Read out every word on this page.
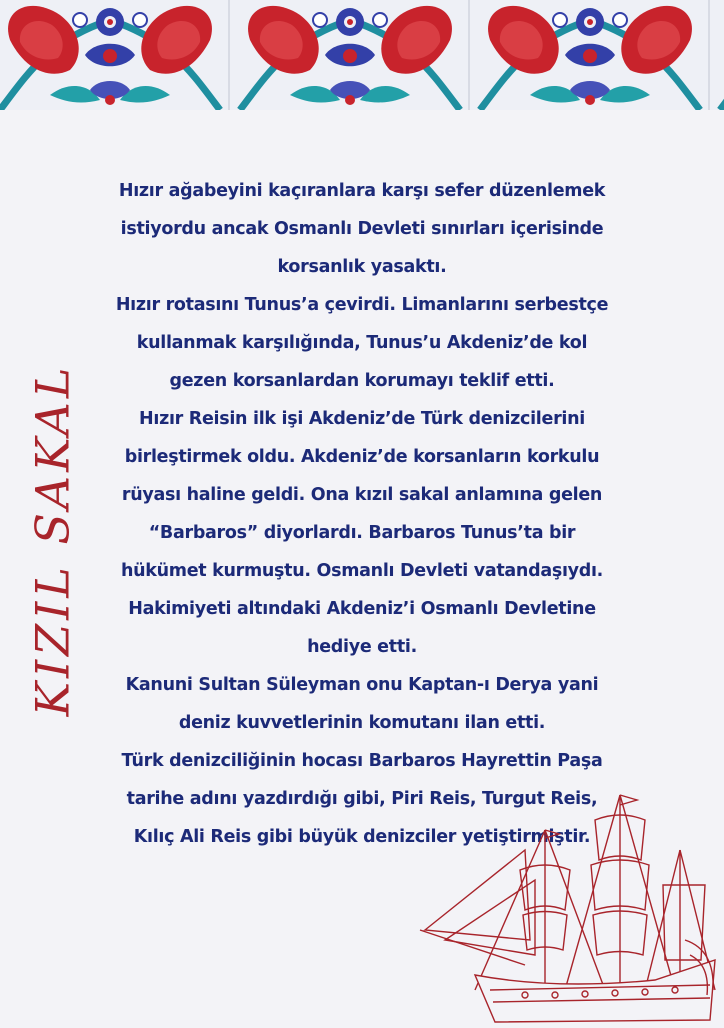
KIZIL SAKAL

Hızır ağabeyini kaçıranlara karşı sefer düzenlemek istiyordu ancak Osmanlı Devleti sınırları içerisinde korsanlık yasaktı.

Hızır rotasını Tunus’a çevirdi. Limanlarını serbestçe kullanmak karşılığında, Tunus’u Akdeniz’de kol gezen korsanlardan korumayı teklif etti.

Hızır Reisin ilk işi Akdeniz’de Türk denizcilerini birleştirmek oldu. Akdeniz’de korsanların korkulu rüyası haline geldi. Ona kızıl sakal anlamına gelen “Barbaros” diyorlardı. Barbaros Tunus’ta bir hükümet kurmuştu. Osmanlı Devleti vatandaşıydı. Hakimiyeti altındaki Akdeniz’i Osmanlı Devletine hediye etti.

Kanuni Sultan Süleyman onu Kaptan-ı Derya yani deniz kuvvetlerinin komutanı ilan etti.

Türk denizciliğinin hocası Barbaros Hayrettin Paşa tarihe adını yazdırdığı gibi, Piri Reis, Turgut Reis, Kılıç Ali Reis gibi büyük denizciler yetiştirmiştir.
